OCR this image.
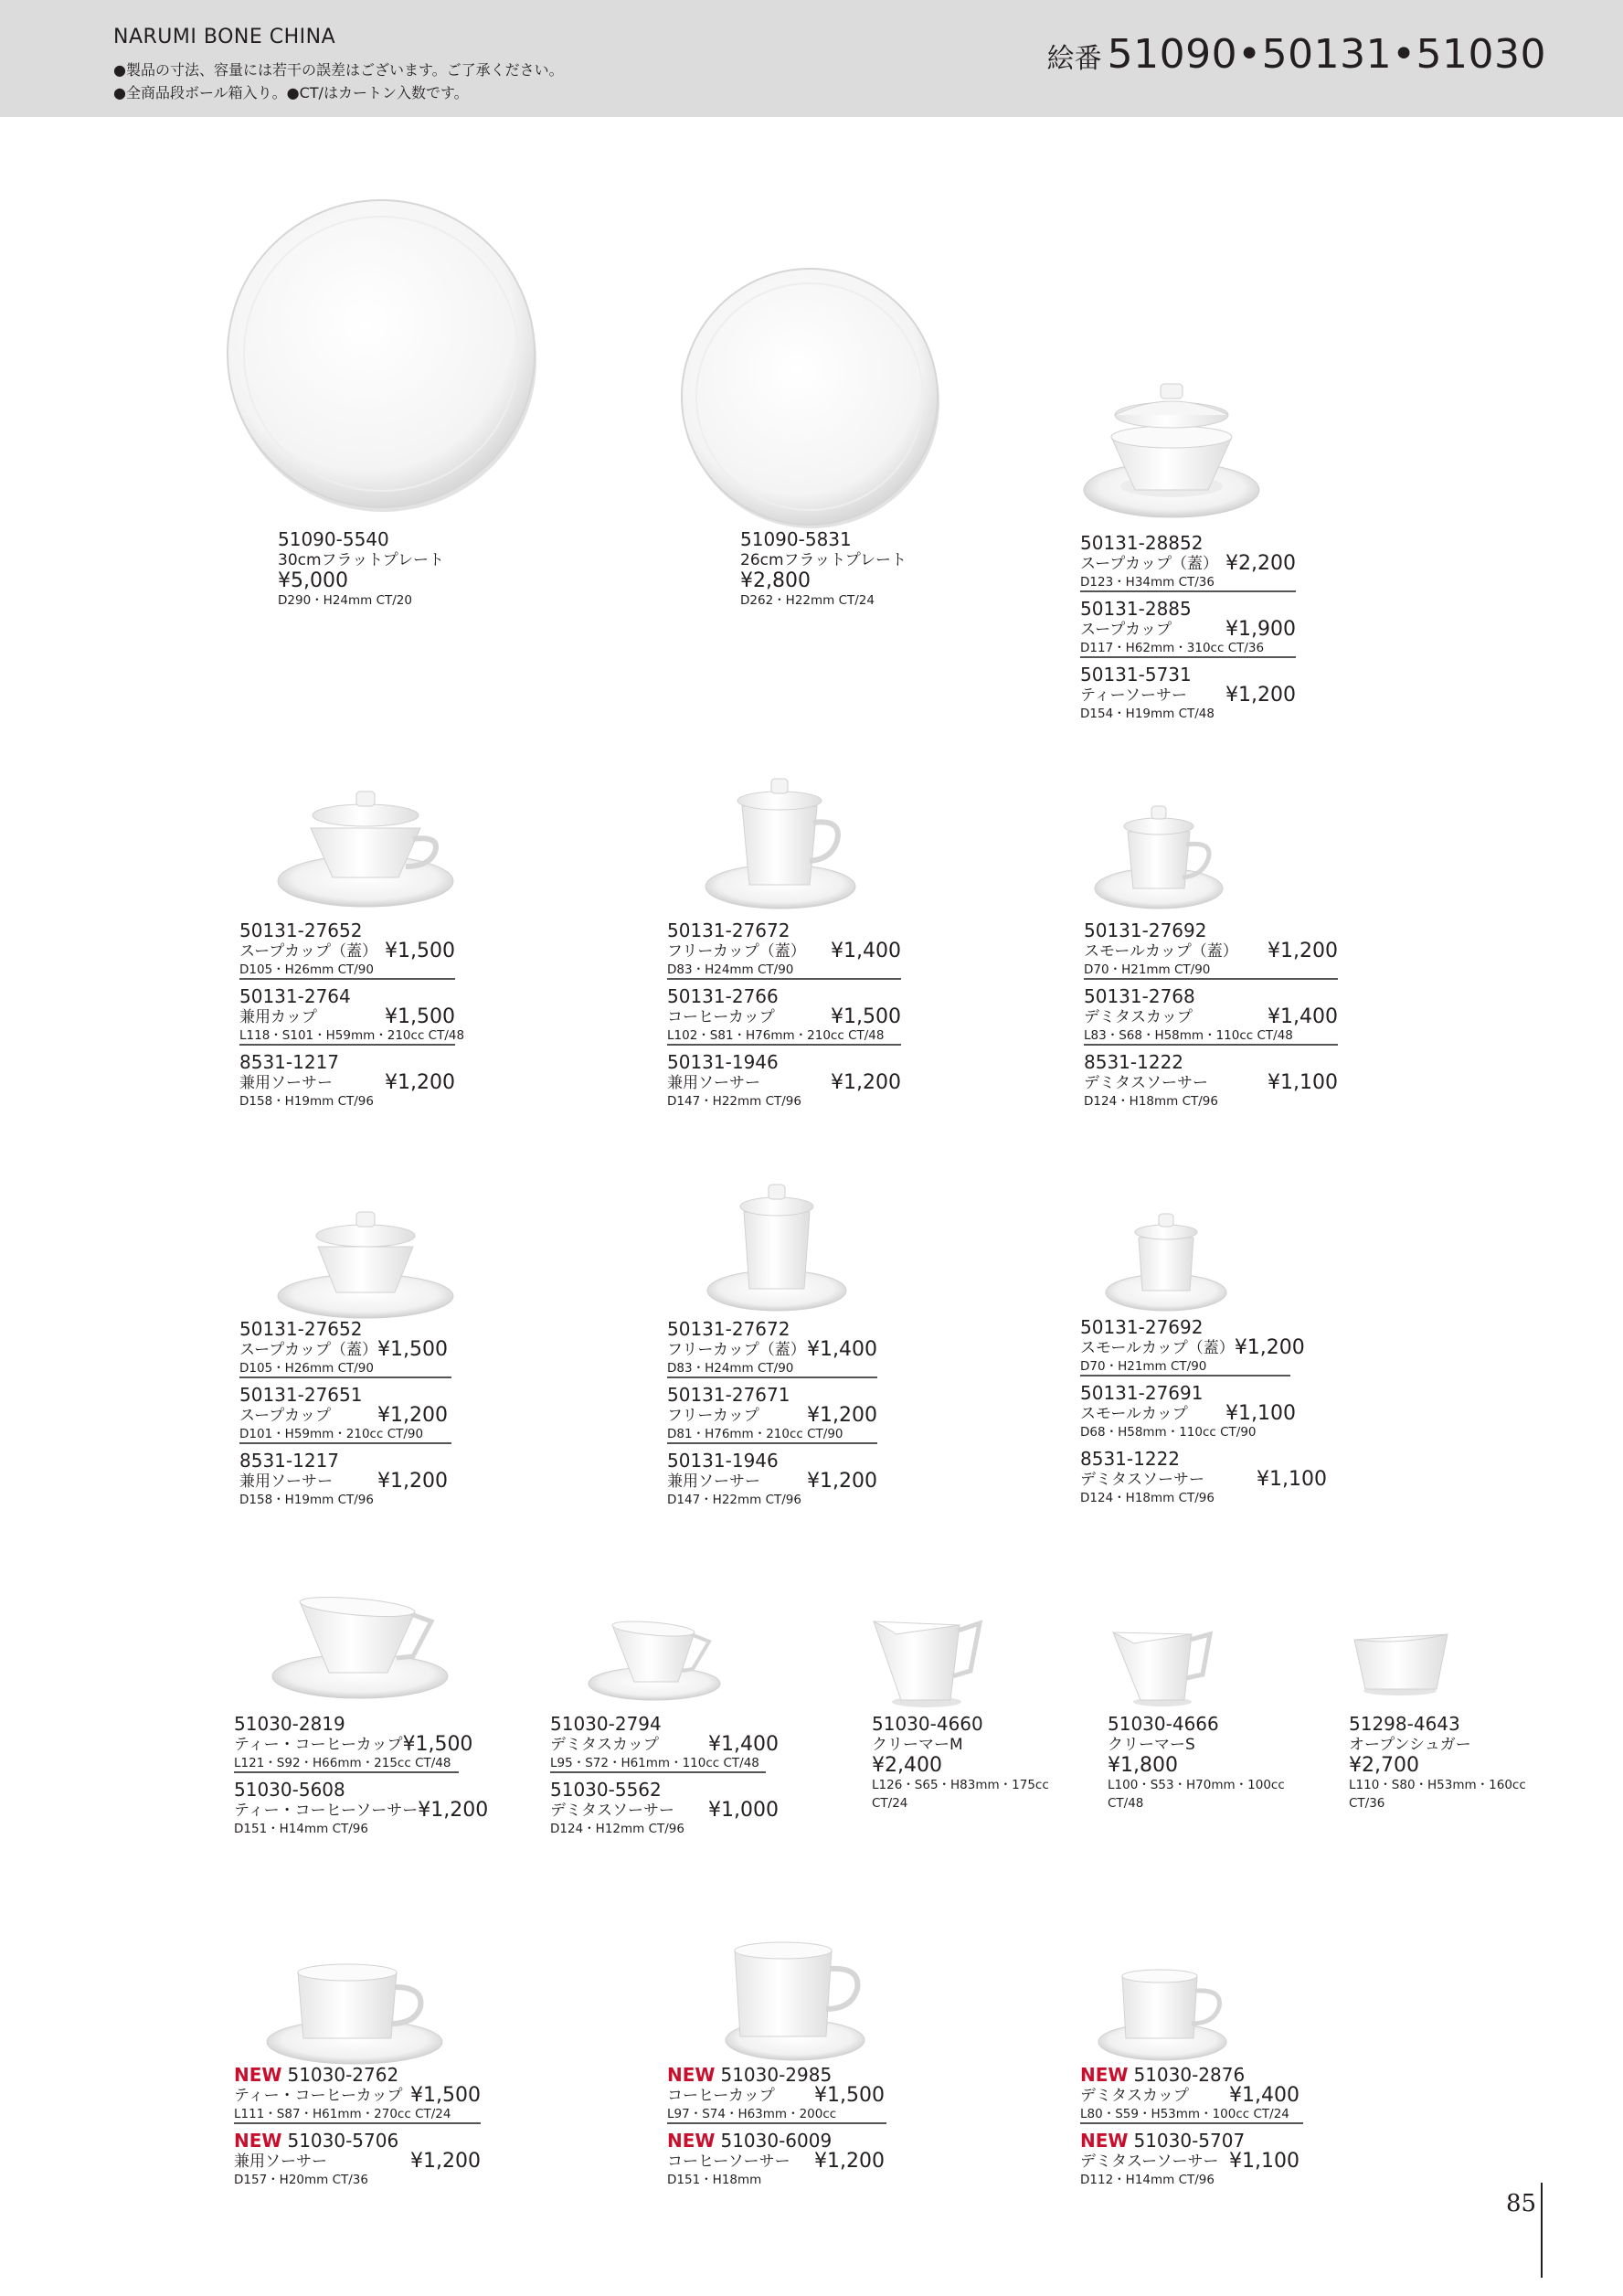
NARUMI BONE CHINA
●製品の寸法、容量には若干の誤差はございます。ご了承ください。
●全商品段ボール箱入り。●CT/はカートン入数です。
絵番 51090•50131•51030
51090-5540
30cmフラットプレート
¥5,000
D290・H24mm CT/20
51090-5831
26cmフラットプレート
¥2,800
D262・H22mm CT/24
50131-28852
スープカップ（蓋） ¥2,200
D123・H34mm CT/36
50131-2885
スープカップ	¥1,900
D117・H62mm・310cc CT/36
50131-5731
ティーソーサー ¥1,200
D154・H19mm CT/48
50131-27652
スープカップ（蓋） ¥1,500
D105・H26mm CT/90
50131-2764
兼用カップ	¥1,500
L118・S101・H59mm・210cc CT/48
8531-1217
兼用ソーサー	¥1,200
D158・H19mm CT/96
50131-27672
フリーカップ（蓋） ¥1,400
D83・H24mm CT/90
50131-2766
コーヒーカップ	¥1,500
L102・S81・H76mm・210cc CT/48
50131-1946
兼用ソーサー	¥1,200
D147・H22mm CT/96
50131-27692
スモールカップ（蓋） ¥1,200
D70・H21mm CT/90
50131-2768
デミタスカップ	¥1,400
L83・S68・H58mm・110cc CT/48
8531-1222
デミタスソーサー	¥1,100
D124・H18mm CT/96
50131-27652
スープカップ（蓋） ¥1,500
D105・H26mm CT/90
50131-27651
スープカップ ¥1,200
D101・H59mm・210cc CT/90
8531-1217
兼用ソーサー ¥1,200
D158・H19mm CT/96
50131-27672
フリーカップ（蓋） ¥1,400
D83・H24mm CT/90
50131-27671
フリーカップ ¥1,200
D81・H76mm・210cc CT/90
50131-1946
兼用ソーサー ¥1,200
D147・H22mm CT/96
50131-27692
スモールカップ（蓋） ¥1,200
D70・H21mm CT/90
50131-27691
スモールカップ ¥1,100
D68・H58mm・110cc CT/90
8531-1222
デミタスソーサー	¥1,100
D124・H18mm CT/96
51030-2819
ティー・コーヒーカップ ¥1,500
L121・S92・H66mm・215cc CT/48
51030-5608
ティー・コーヒーソーサー ¥1,200
D151・H14mm CT/96
51030-2794
デミタスカップ ¥1,400
L95・S72・H61mm・110cc CT/48
51030-5562
デミタスソーサー ¥1,000
D124・H12mm CT/96
51030-4660
クリーマーM
¥2,400
L126・S65・H83mm・175cc
CT/24
51030-4666
クリーマーS
¥1,800
L100・S53・H70mm・100cc
CT/48
51298-4643
オープンシュガー
¥2,700
L110・S80・H53mm・160cc
CT/36
NEW 51030-2762
ティー・コーヒーカップ ¥1,500
L111・S87・H61mm・270cc CT/24
NEW 51030-5706
兼用ソーサー	¥1,200
D157・H20mm CT/36
NEW 51030-2985
コーヒーカップ ¥1,500
L97・S74・H63mm・200cc
NEW 51030-6009
コーヒーソーサー ¥1,200
D151・H18mm
NEW 51030-2876
デミタスカップ ¥1,400
L80・S59・H53mm・100cc CT/24
NEW 51030-5707
デミタスーソーサー ¥1,100
D112・H14mm CT/96
85
